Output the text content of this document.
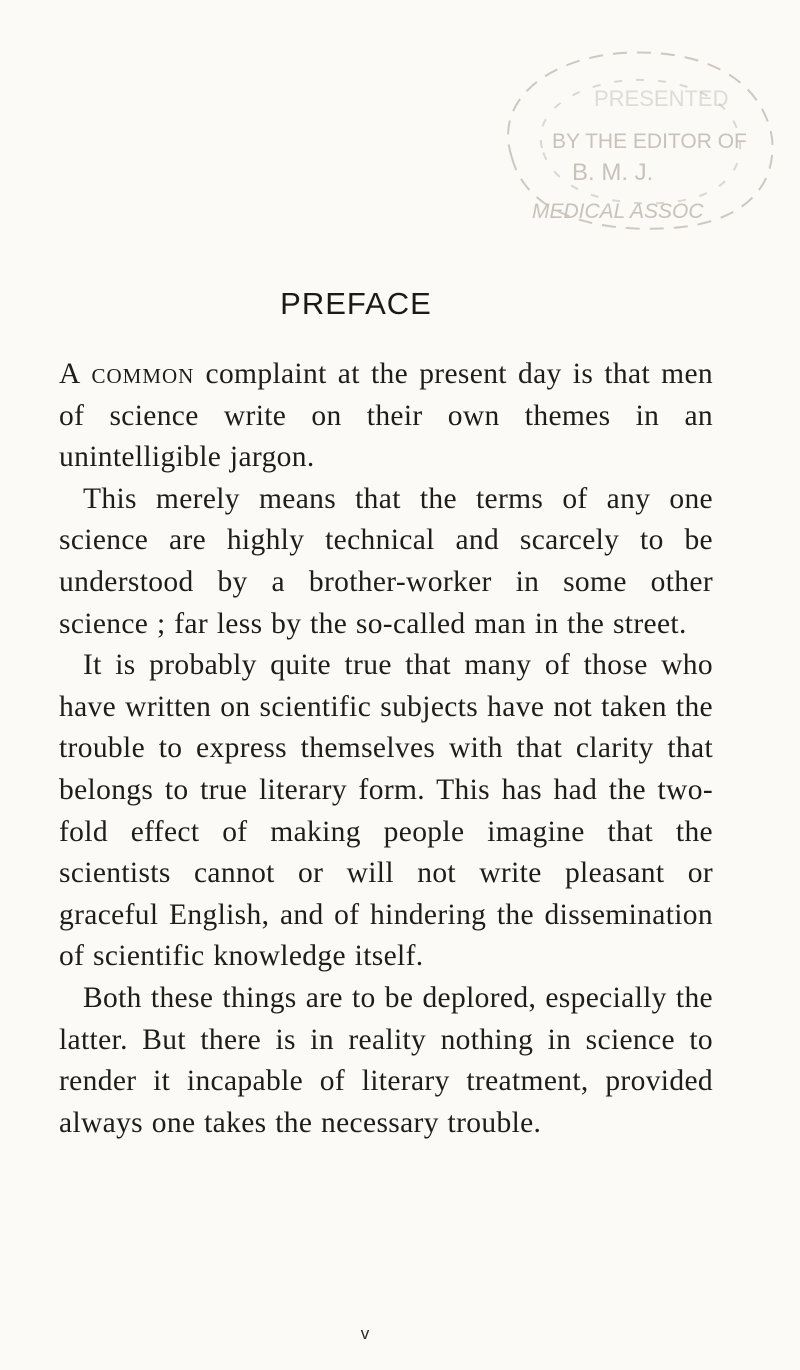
PRESENTED
BY THE EDITOR OF
B. M. J.
MEDICAL ASSOC
PREFACE

A common complaint at the present day is that men of science write on their own themes in an unintelligible jargon.

This merely means that the terms of any one science are highly technical and scarcely to be understood by a brother-worker in some other science ; far less by the so-called man in the street.

It is probably quite true that many of those who have written on scientific subjects have not taken the trouble to express themselves with that clarity that belongs to true literary form. This has had the two-fold effect of making people imagine that the scientists cannot or will not write pleasant or graceful English, and of hindering the dissemination of scientific knowledge itself.

Both these things are to be deplored, especially the latter. But there is in reality nothing in science to render it incapable of literary treatment, provided always one takes the necessary trouble.

v
